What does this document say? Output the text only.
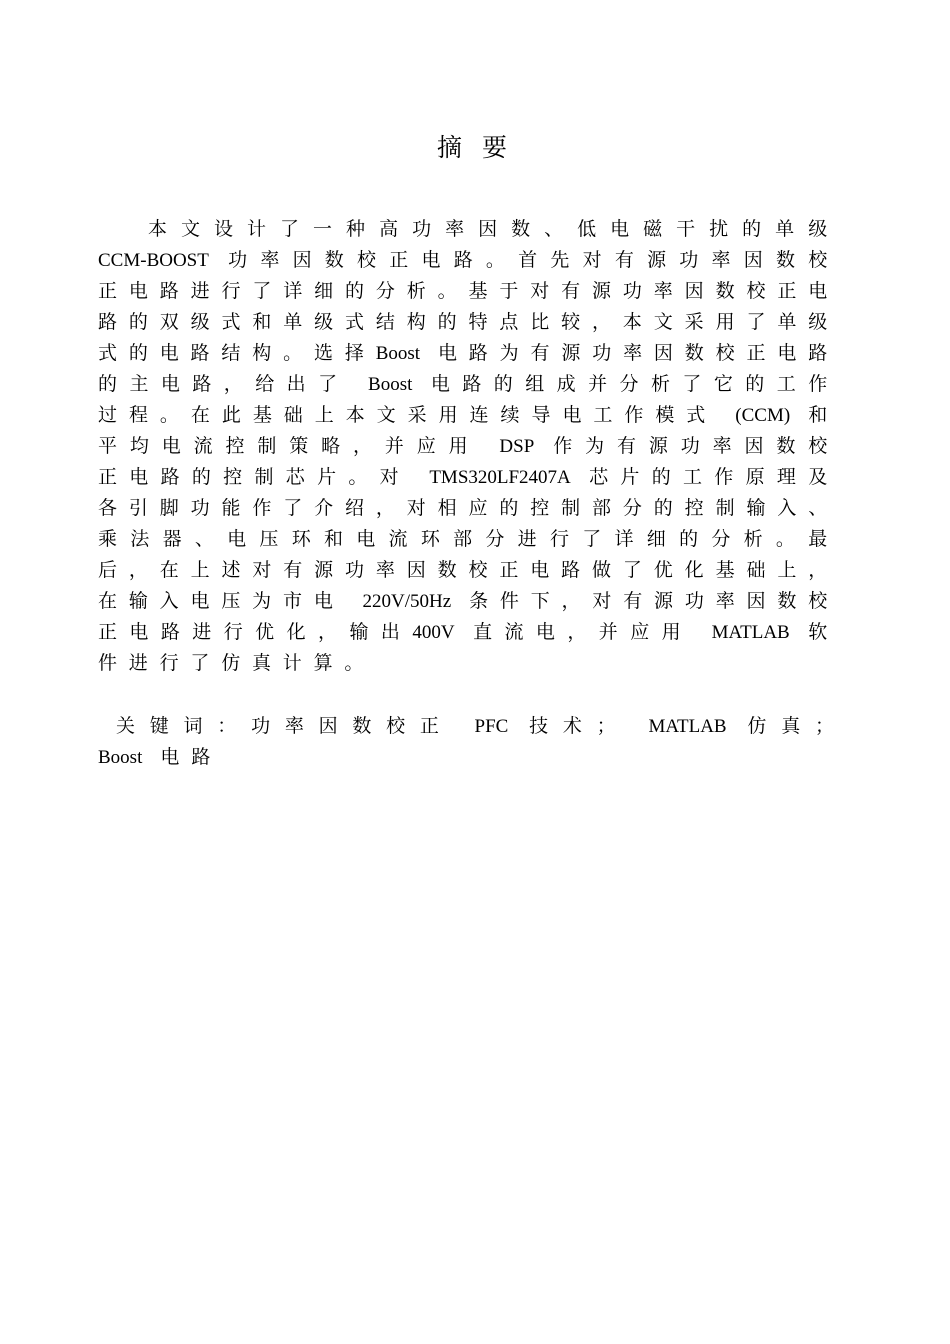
摘 要

本文设计了一种高功率因数、低电磁干扰的单级CCM-BOOST 功率因数校正电路。首先对有源功率因数校正电路进行了详细的分析。基于对有源功率因数校正电路的双级式和单级式结构的特点比较，本文采用了单级式的电路结构。选择Boost 电路为有源功率因数校正电路的主电路，给出了 Boost 电路的组成并分析了它的工作过程。在此基础上本文采用连续导电工作模式 (CCM) 和平均电流控制策略，并应用 DSP 作为有源功率因数校正电路的控制芯片。对 TMS320LF2407A 芯片的工作原理及各引脚功能作了介绍，对相应的控制部分的控制输入、乘法器、电压环和电流环部分进行了详细的分析。最后，在上述对有源功率因数校正电路做了优化基础上，在输入电压为市电 220V/50Hz 条件下，对有源功率因数校正电路进行优化，输出400V 直流电，并应用 MATLAB 软件进行了仿真计算。

关键词：功率因数校正 PFC 技术； MATLAB 仿真； Boost 电路
